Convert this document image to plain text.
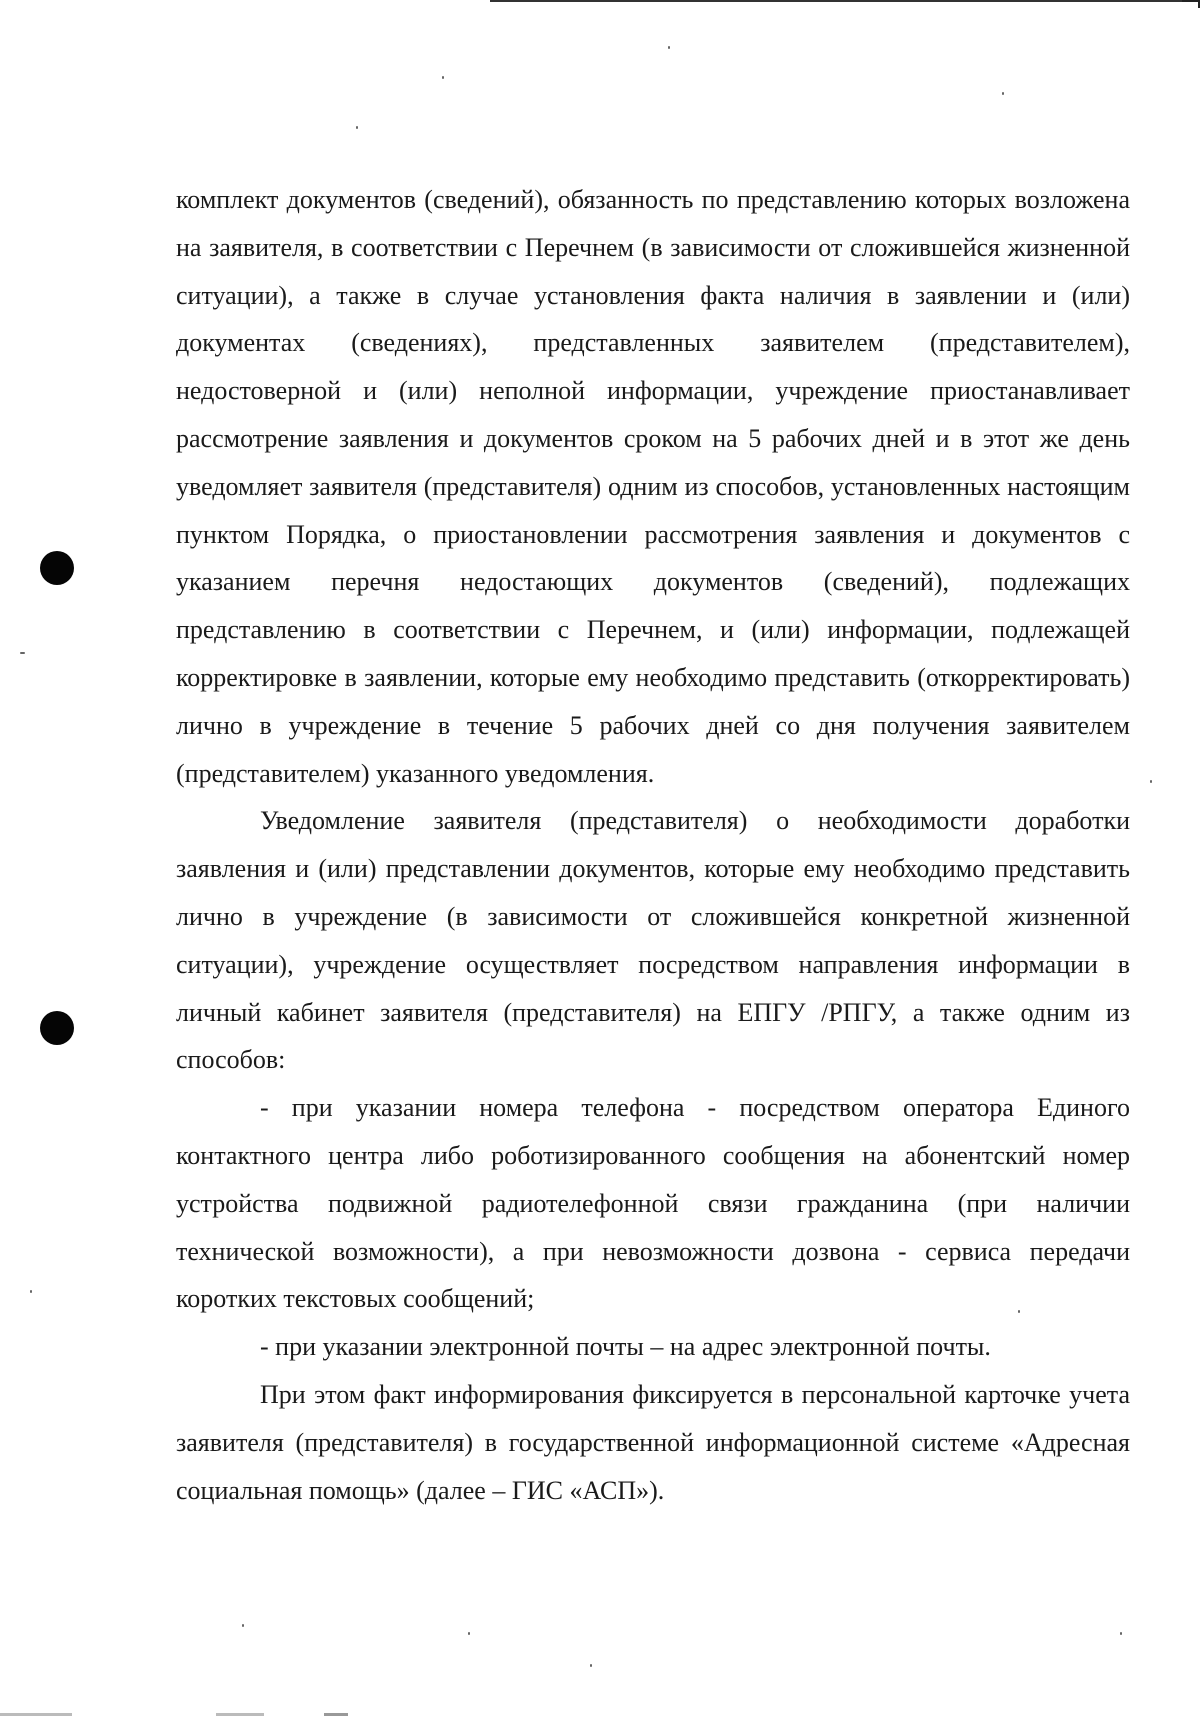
комплект документов (сведений), обязанность по представлению которых возложена на заявителя, в соответствии с Перечнем (в зависимости от сложившейся жизненной ситуации), а также в случае установления факта наличия в заявлении и (или) документах (сведениях), представленных заявителем (представителем), недостоверной и (или) неполной информации, учреждение приостанавливает рассмотрение заявления и документов сроком на 5 рабочих дней и в этот же день уведомляет заявителя (представителя) одним из способов, установленных настоящим пунктом Порядка, о приостановлении рассмотрения заявления и документов с указанием перечня недостающих документов (сведений), подлежащих представлению в соответствии с Перечнем, и (или) информации, подлежащей корректировке в заявлении, которые ему необходимо представить (откорректировать) лично в учреждение в течение 5 рабочих дней со дня получения заявителем (представителем) указанного уведомления.

Уведомление заявителя (представителя) о необходимости доработки заявления и (или) представлении документов, которые ему необходимо представить лично в учреждение (в зависимости от сложившейся конкретной жизненной ситуации), учреждение осуществляет посредством направления информации в личный кабинет заявителя (представителя) на ЕПГУ /РПГУ, а также одним из способов:

- при указании номера телефона - посредством оператора Единого контактного центра либо роботизированного сообщения на абонентский номер устройства подвижной радиотелефонной связи гражданина (при наличии технической возможности), а при невозможности дозвона - сервиса передачи коротких текстовых сообщений;

- при указании электронной почты – на адрес электронной почты.

При этом факт информирования фиксируется в персональной карточке учета заявителя (представителя) в государственной информационной системе «Адресная социальная помощь» (далее – ГИС «АСП»).
